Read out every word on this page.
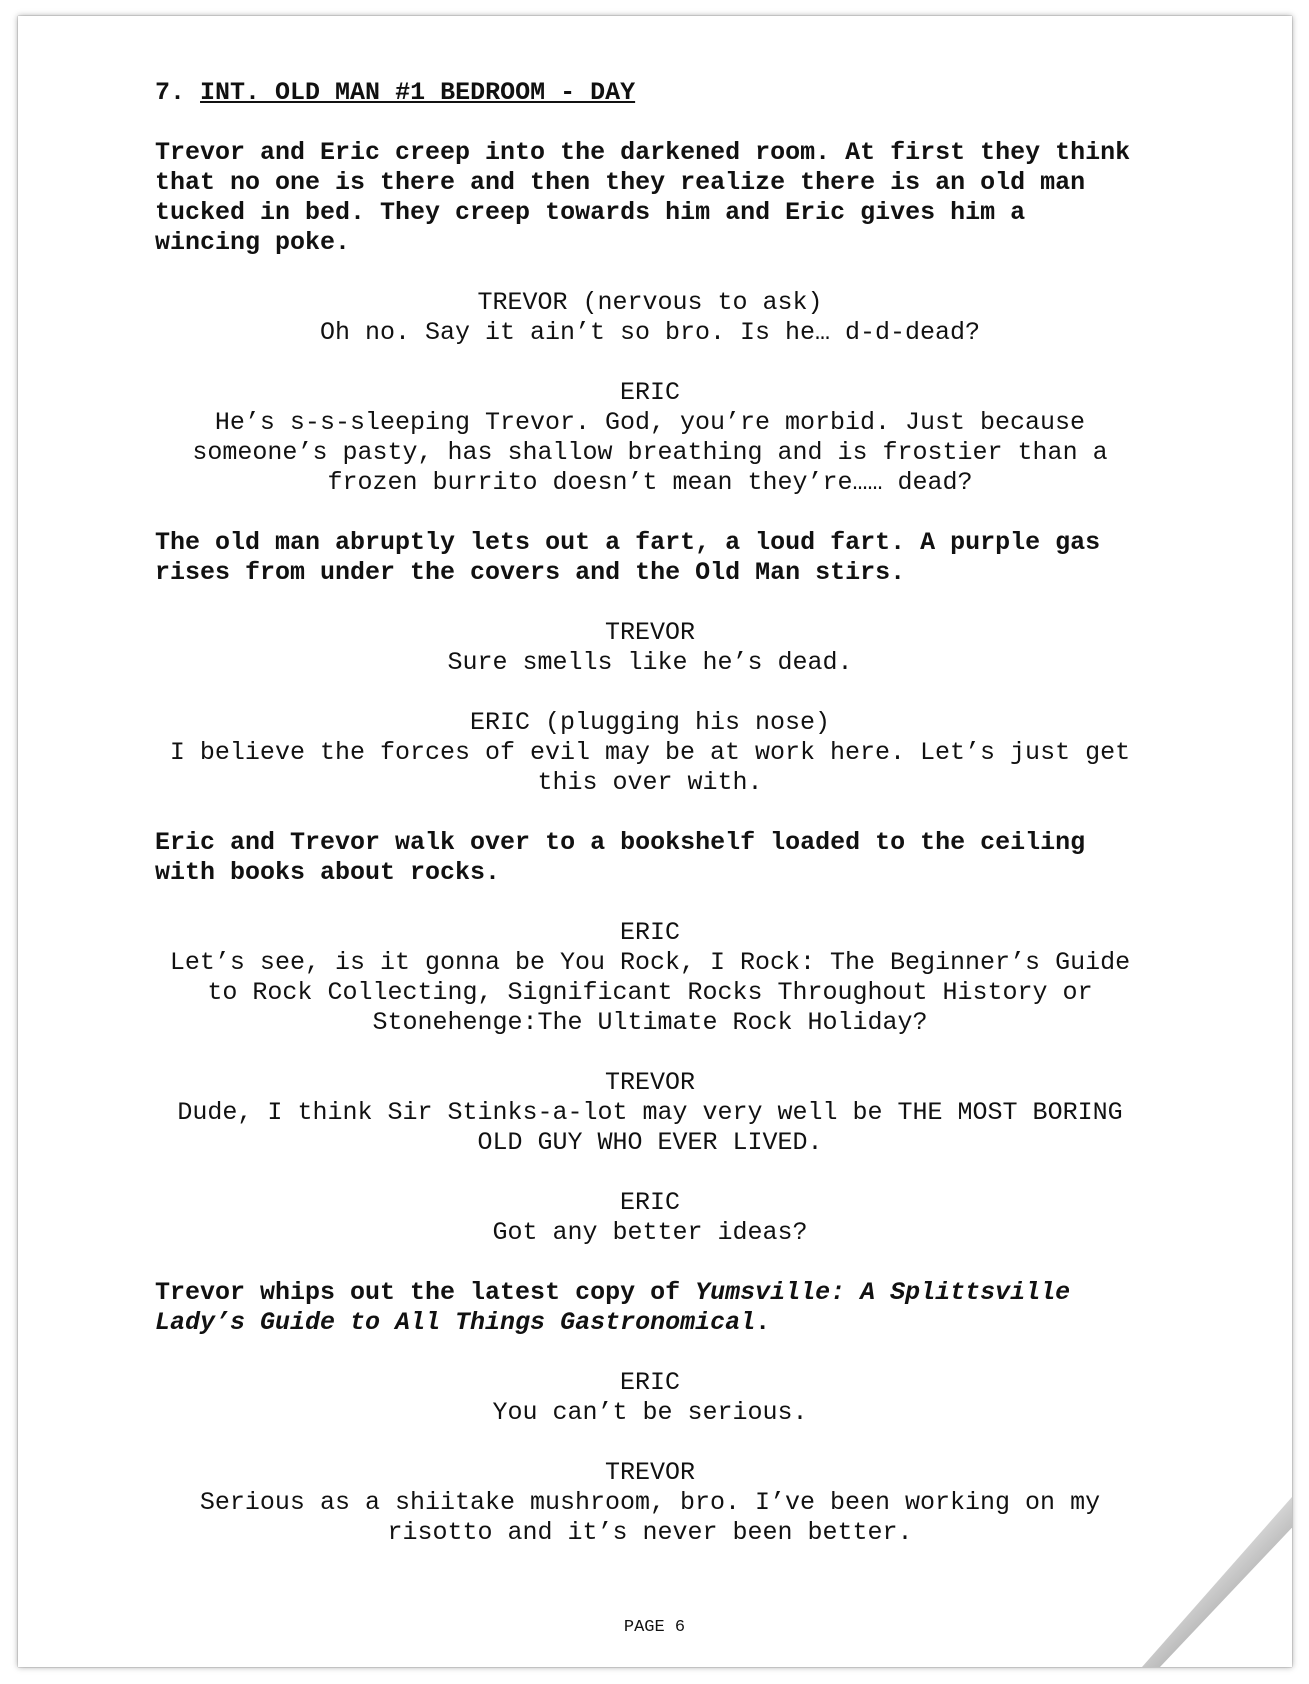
7. INT. OLD MAN #1 BEDROOM - DAY
Trevor and Eric creep into the darkened room. At first they think that no one is there and then they realize there is an old man tucked in bed. They creep towards him and Eric gives him a wincing poke.
TREVOR (nervous to ask)
Oh no. Say it ain’t so bro. Is he… d-d-dead?
ERIC
He’s s-s-sleeping Trevor. God, you’re morbid. Just because someone’s pasty, has shallow breathing and is frostier than a frozen burrito doesn’t mean they’re…… dead?
The old man abruptly lets out a fart, a loud fart. A purple gas rises from under the covers and the Old Man stirs.
TREVOR
Sure smells like he’s dead.
ERIC (plugging his nose)
I believe the forces of evil may be at work here. Let’s just get this over with.
Eric and Trevor walk over to a bookshelf loaded to the ceiling with books about rocks.
ERIC
Let’s see, is it gonna be You Rock, I Rock: The Beginner’s Guide to Rock Collecting, Significant Rocks Throughout History or Stonehenge:The Ultimate Rock Holiday?
TREVOR
Dude, I think Sir Stinks-a-lot may very well be THE MOST BORING OLD GUY WHO EVER LIVED.
ERIC
Got any better ideas?
Trevor whips out the latest copy of Yumsville: A Splittsville Lady’s Guide to All Things Gastronomical.
ERIC
You can’t be serious.
TREVOR
Serious as a shiitake mushroom, bro. I’ve been working on my risotto and it’s never been better.
PAGE 6
